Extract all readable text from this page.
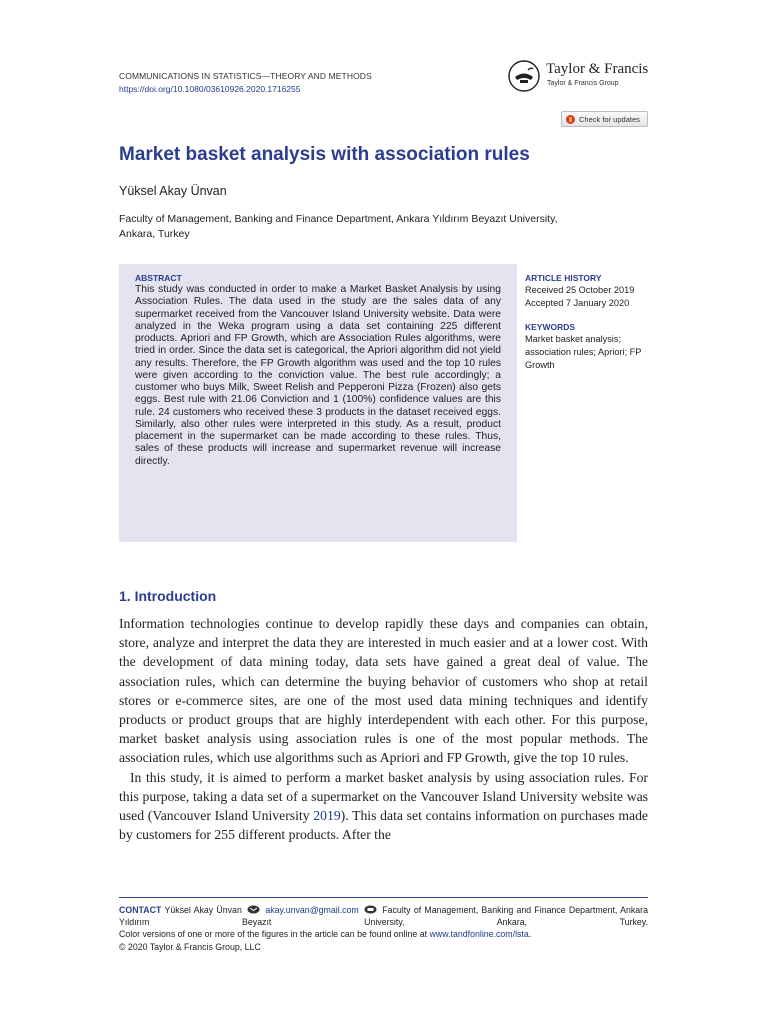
COMMUNICATIONS IN STATISTICS—THEORY AND METHODS
https://doi.org/10.1080/03610926.2020.1716255
Taylor & Francis
Taylor & Francis Group
Check for updates
Market basket analysis with association rules
Yüksel Akay Ünvan
Faculty of Management, Banking and Finance Department, Ankara Yıldırım Beyazıt University, Ankara, Turkey
ABSTRACT
This study was conducted in order to make a Market Basket Analysis by using Association Rules. The data used in the study are the sales data of any supermarket received from the Vancouver Island University website. Data were analyzed in the Weka program using a data set containing 225 different products. Apriori and FP Growth, which are Association Rules algorithms, were tried in order. Since the data set is categorical, the Apriori algorithm did not yield any results. Therefore, the FP Growth algorithm was used and the top 10 rules were given according to the conviction value. The best rule accordingly; a customer who buys Milk, Sweet Relish and Pepperoni Pizza (Frozen) also gets eggs. Best rule with 21.06 Conviction and 1 (100%) confidence values are this rule. 24 customers who received these 3 products in the dataset received eggs. Similarly, also other rules were interpreted in this study. As a result, product placement in the supermarket can be made according to these rules. Thus, sales of these products will increase and supermarket revenue will increase directly.
ARTICLE HISTORY
Received 25 October 2019
Accepted 7 January 2020
KEYWORDS
Market basket analysis; association rules; Apriori; FP Growth
1. Introduction

Information technologies continue to develop rapidly these days and companies can obtain, store, analyze and interpret the data they are interested in much easier and at a lower cost. With the development of data mining today, data sets have gained a great deal of value. The association rules, which can determine the buying behavior of customers who shop at retail stores or e-commerce sites, are one of the most used data mining techniques and identify products or product groups that are highly interdependent with each other. For this purpose, market basket analysis using association rules is one of the most popular methods. The association rules, which use algorithms such as Apriori and FP Growth, give the top 10 rules.

In this study, it is aimed to perform a market basket analysis by using association rules. For this purpose, taking a data set of a supermarket on the Vancouver Island University website was used (Vancouver Island University 2019). This data set contains information on purchases made by customers for 255 different products. After the

CONTACT Yüksel Akay Ünvan	akay.unvan@gmail.com	Faculty of Management, Banking and Finance Department, Ankara Yıldırım Beyazıt University, Ankara, Turkey.

Color versions of one or more of the figures in the article can be found online at www.tandfonline.com/lsta.

© 2020 Taylor & Francis Group, LLC
